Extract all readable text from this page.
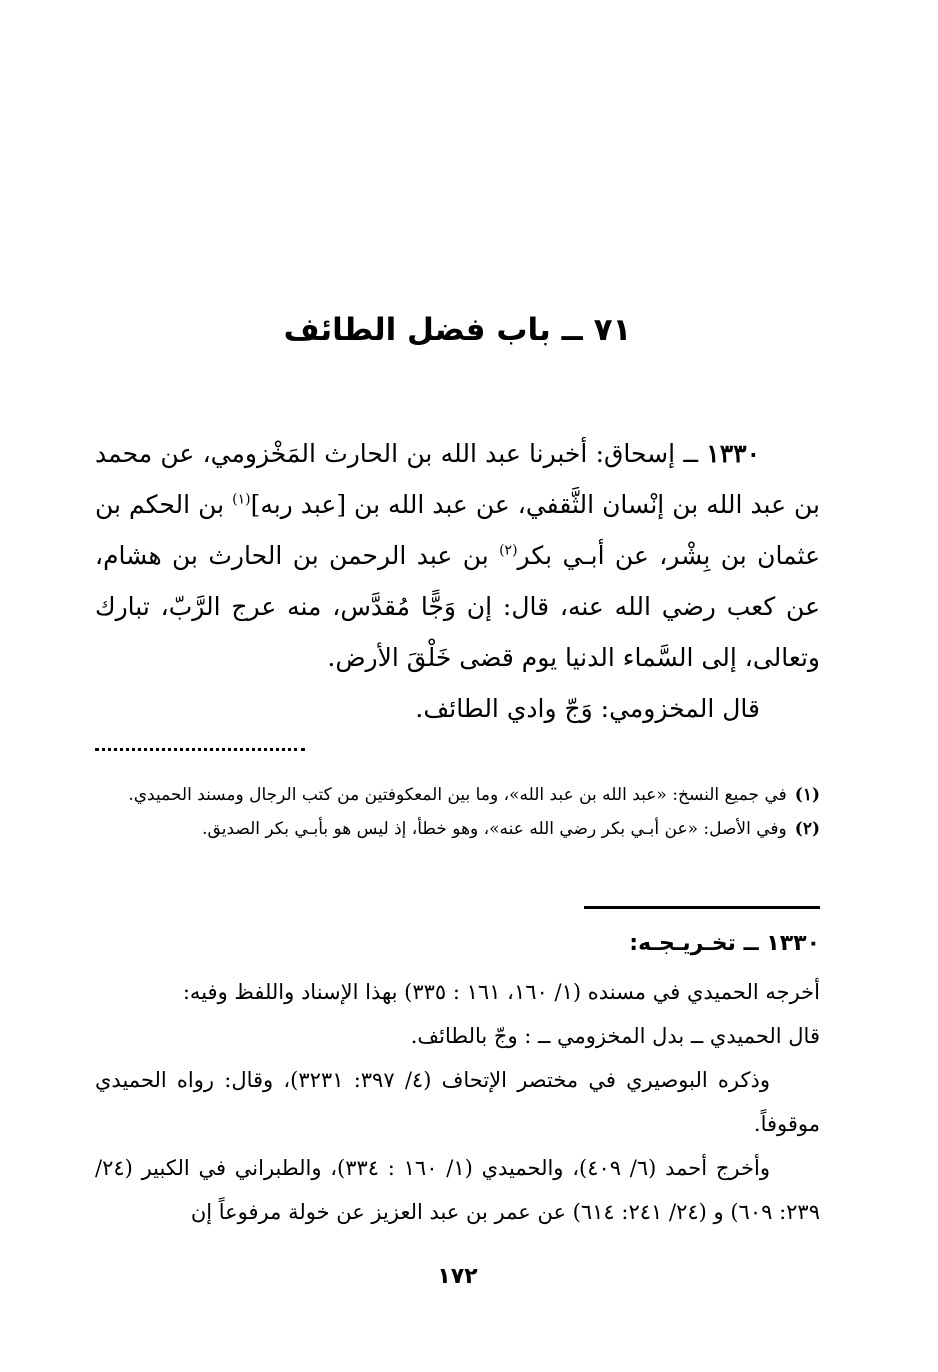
٧١ ــ باب فضل الطائف

١٣٣٠ ــ إسحاق: أخبرنا عبد الله بن الحارث المَخْزومي، عن محمد بن عبد الله بن إنْسان الثَّقفي، عن عبد الله بن [عبد ربه]$^{(١)}$ بن الحكم بن عثمان بن بِشْر، عن أبـي بكر$^{(٢)}$ بن عبد الرحمن بن الحارث بن هشام، عن كعب رضي الله عنه، قال: إن وَجًّا مُقدَّس، منه عرج الرَّبّ، تبارك وتعالى، إلى السَّماء الدنيا يوم قضى خَلْقَ الأرض.

قال المخزومي: وَجّ وادي الطائف.

(١)في جميع النسخ: «عبد الله بن عبد الله»، وما بين المعكوفتين من كتب الرجال ومسند الحميدي.

(٢)وفي الأصل: «عن أبـي بكر رضي الله عنه»، وهو خطأ، إذ ليس هو بأبـي بكر الصديق.

١٣٣٠ ــ تخـريـجـه:

أخرجه الحميدي في مسنده (١/ ١٦٠، ١٦١ : ٣٣٥) بهذا الإسناد واللفظ وفيه:

قال الحميدي ــ بدل المخزومي ــ : وجّ بالطائف.

وذكره البوصيري في مختصر الإتحاف (٤/ ٣٩٧: ٣٢٣١)، وقال: رواه الحميدي موقوفاً.

وأخرج أحمد (٦/ ٤٠٩)، والحميدي (١/ ١٦٠ : ٣٣٤)، والطبراني في الكبير (٢٤/ ٢٣٩: ٦٠٩) و (٢٤/ ٢٤١: ٦١٤) عن عمر بن عبد العزيز عن خولة مرفوعاً إن

١٧٢
